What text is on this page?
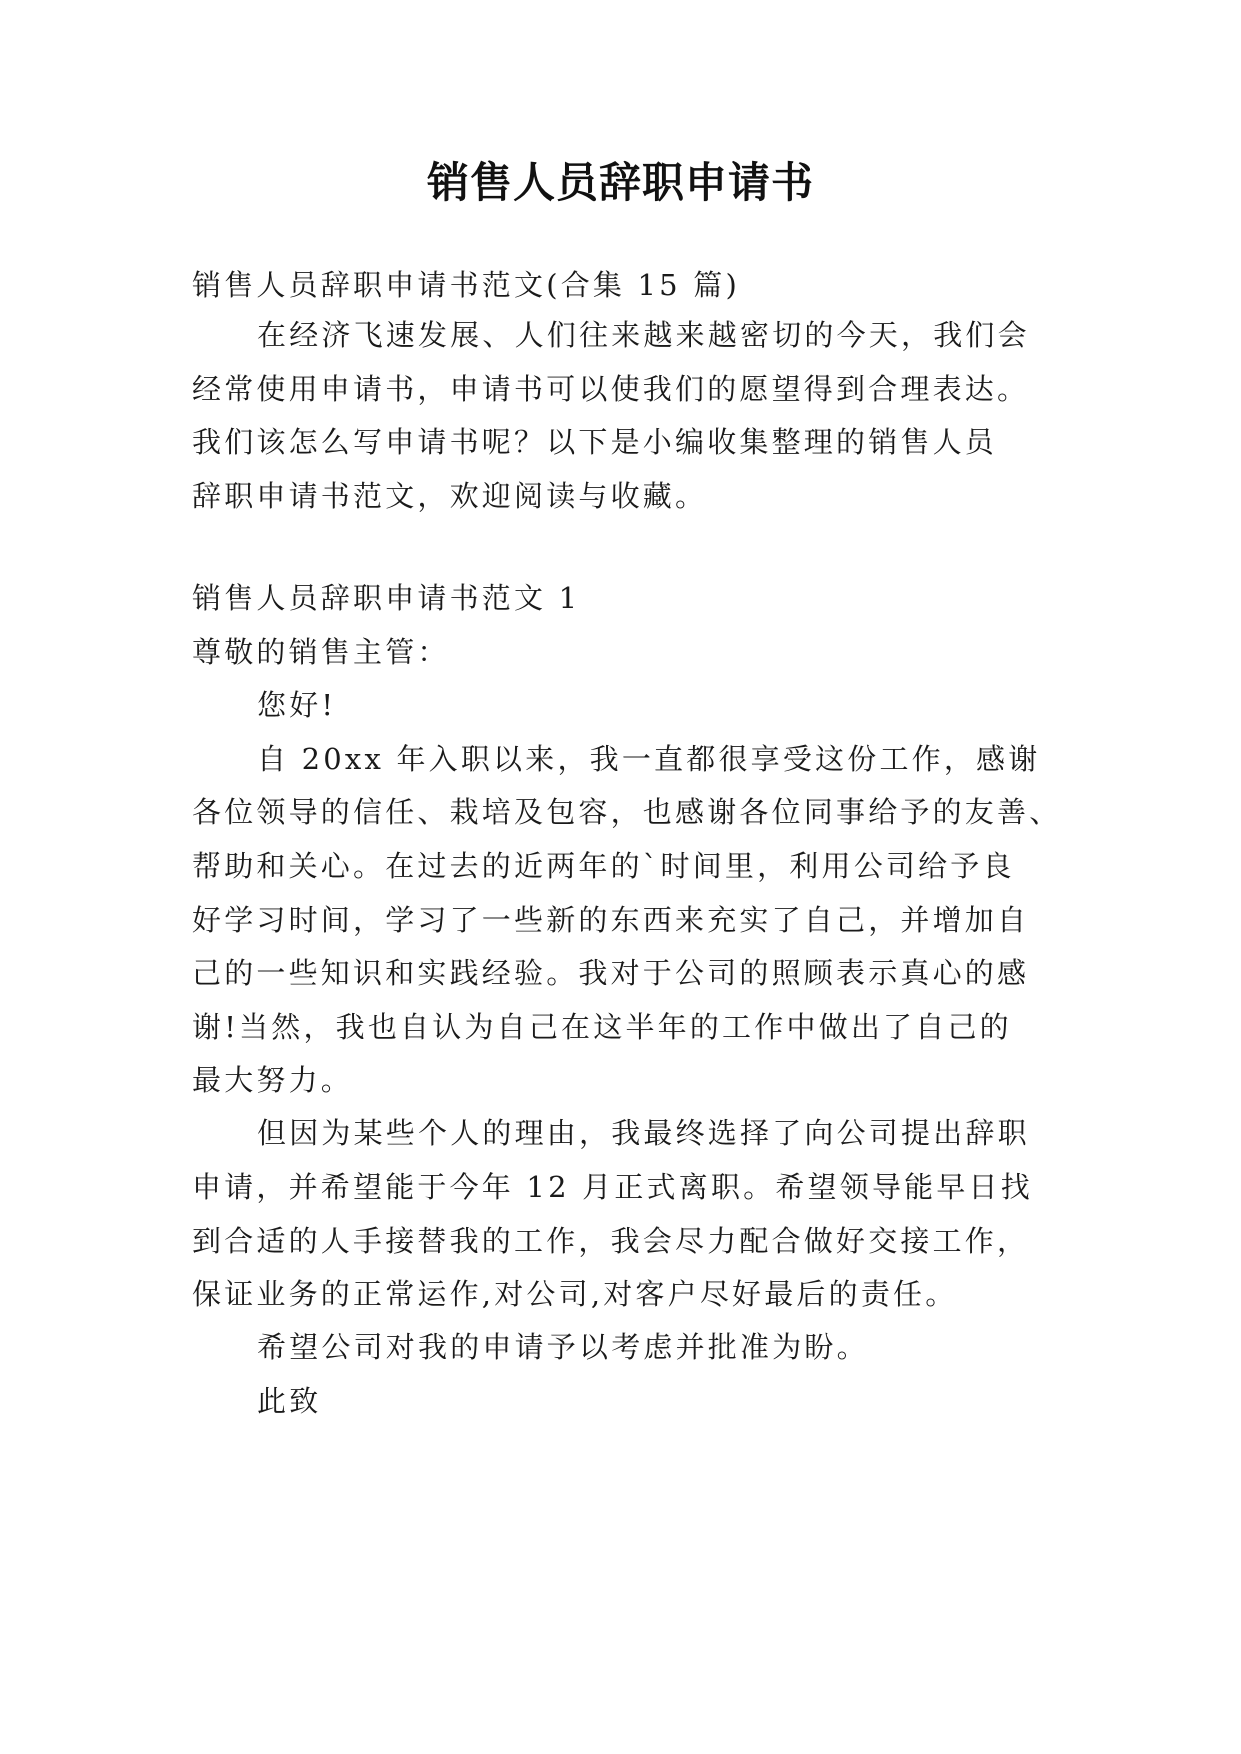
销售人员辞职申请书
销售人员辞职申请书范文(合集 15 篇)
在经济飞速发展、人们往来越来越密切的今天，我们会
经常使用申请书，申请书可以使我们的愿望得到合理表达。
我们该怎么写申请书呢？以下是小编收集整理的销售人员
辞职申请书范文，欢迎阅读与收藏。
销售人员辞职申请书范文 1
尊敬的销售主管：
您好!
自 20xx 年入职以来，我一直都很享受这份工作，感谢
各位领导的信任、栽培及包容，也感谢各位同事给予的友善、
帮助和关心。在过去的近两年的`时间里，利用公司给予良
好学习时间，学习了一些新的东西来充实了自己，并增加自
己的一些知识和实践经验。我对于公司的照顾表示真心的感
谢!当然，我也自认为自己在这半年的工作中做出了自己的
最大努力。
但因为某些个人的理由，我最终选择了向公司提出辞职
申请，并希望能于今年 12 月正式离职。希望领导能早日找
到合适的人手接替我的工作，我会尽力配合做好交接工作，
保证业务的正常运作,对公司,对客户尽好最后的责任。
希望公司对我的申请予以考虑并批准为盼。
此致
